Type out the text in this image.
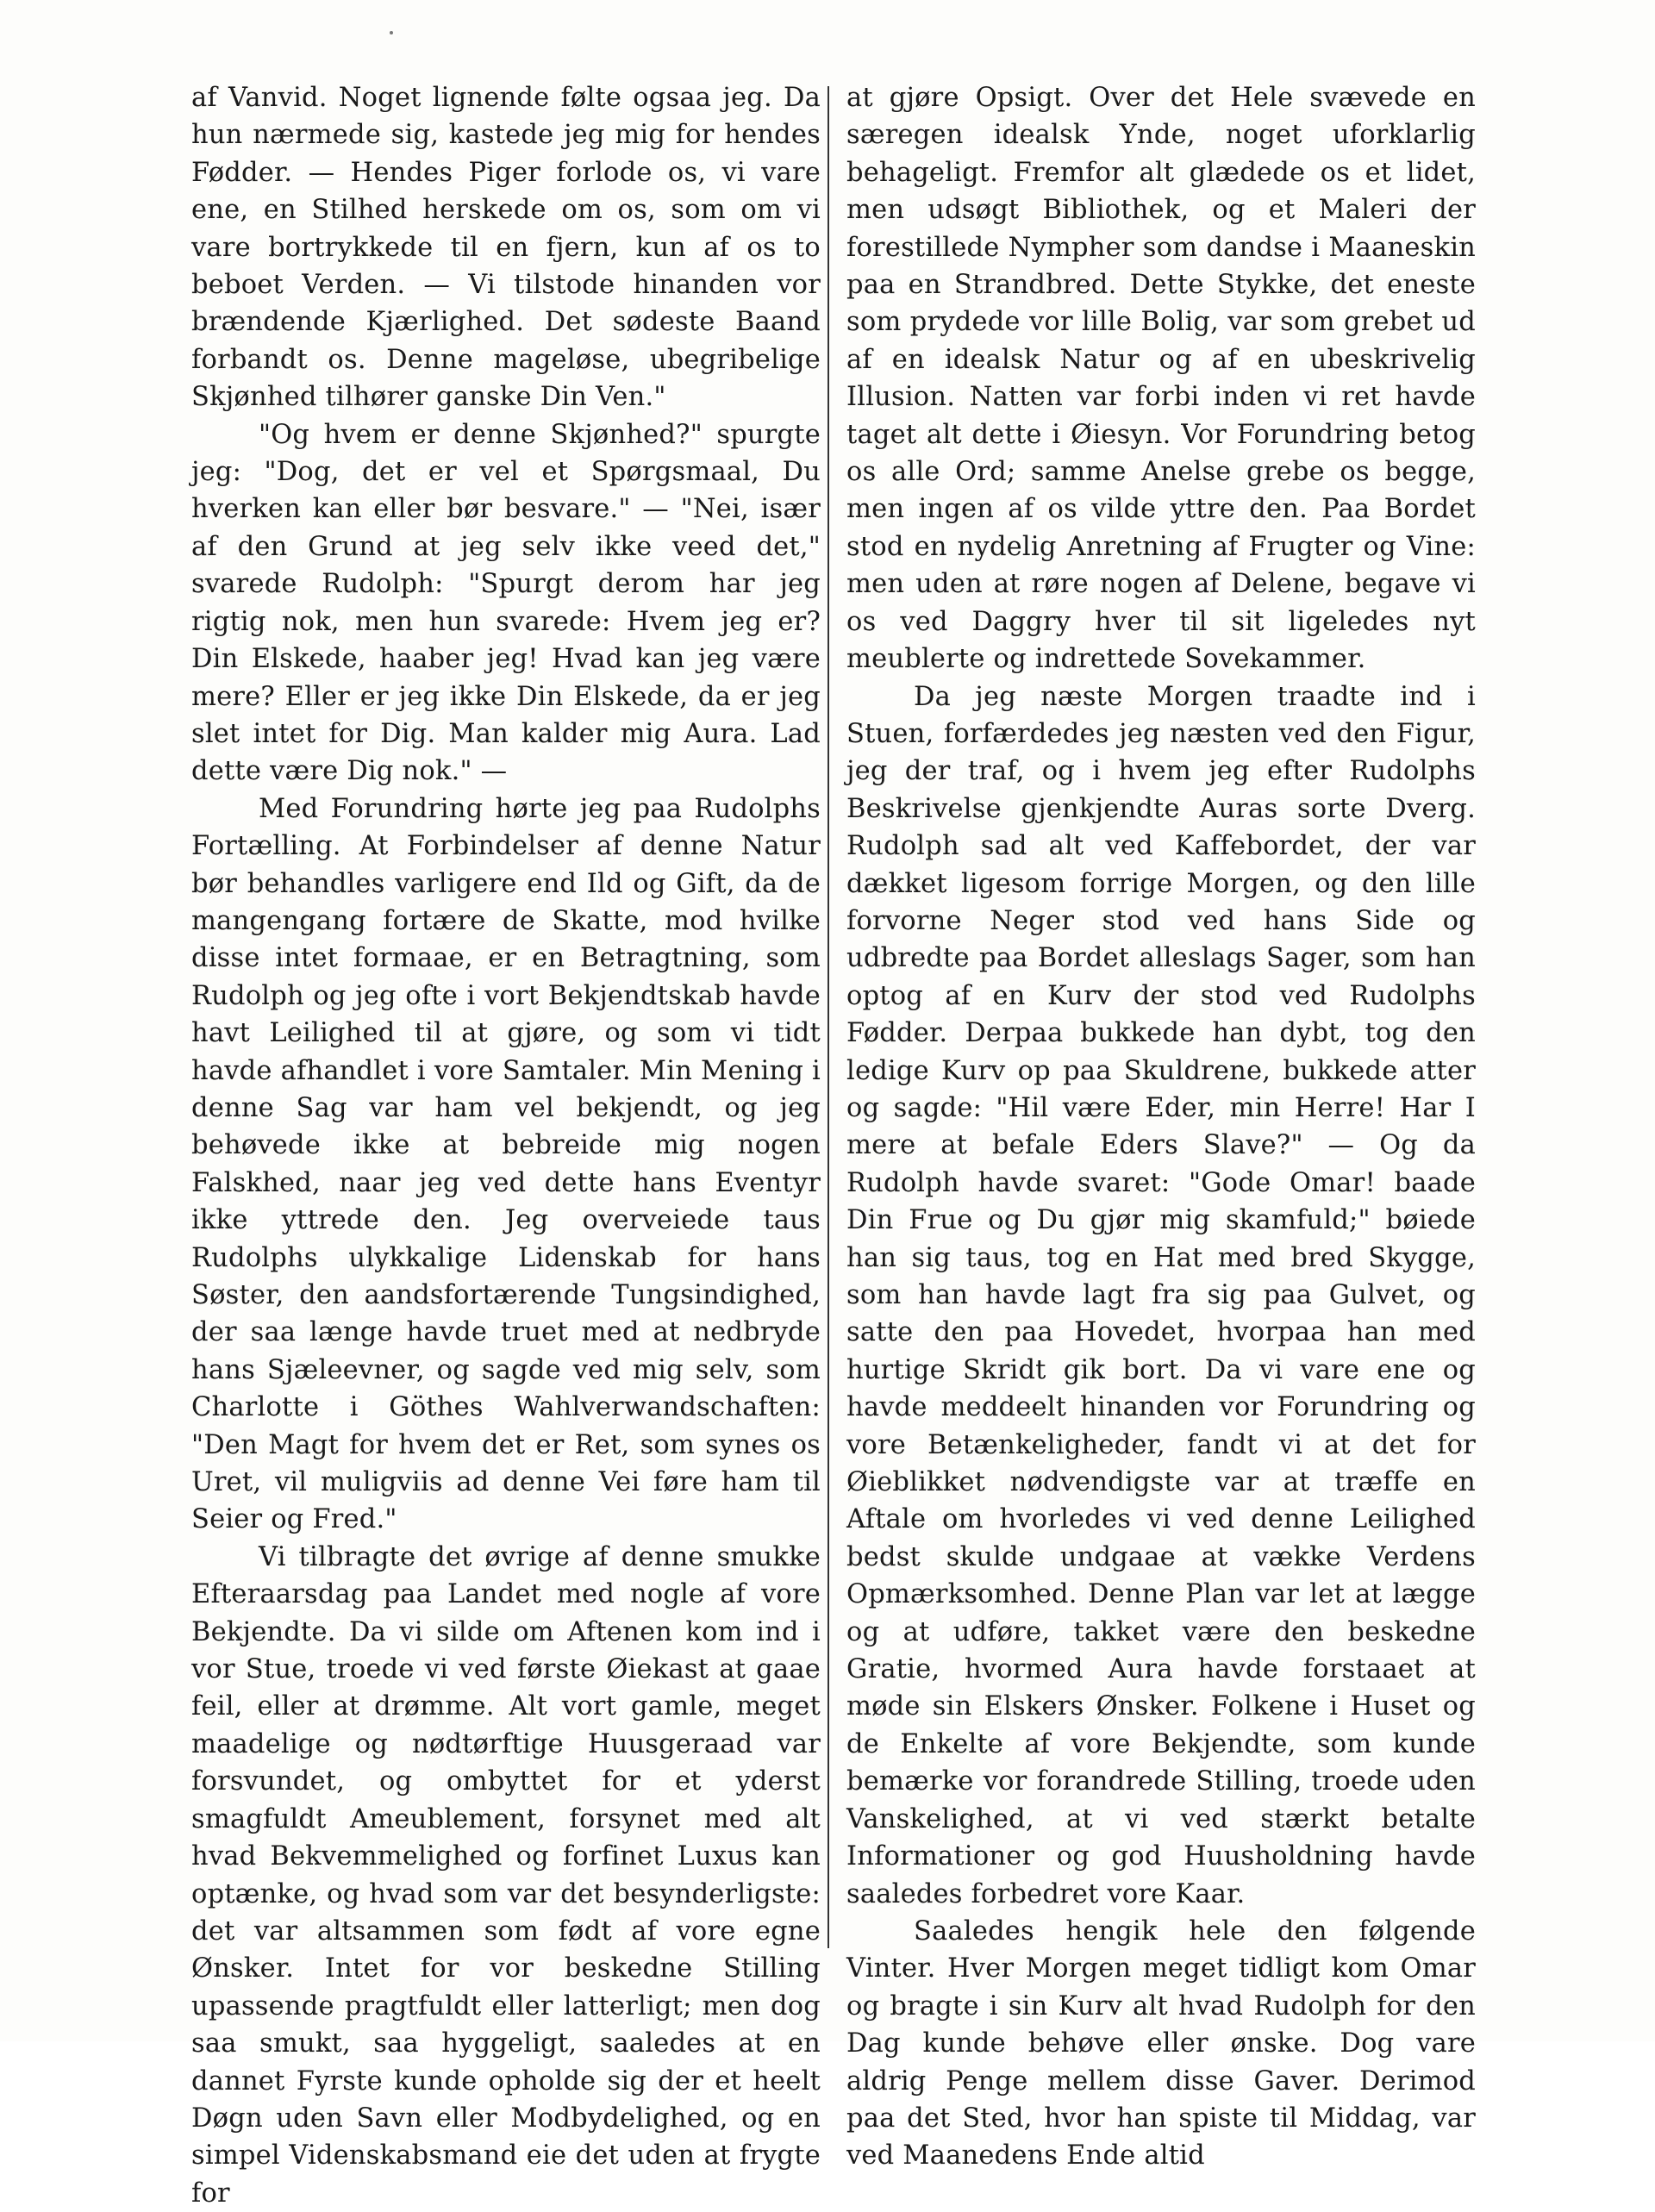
af Vanvid. Noget lignende følte ogsaa jeg. Da hun nærmede sig, kastede jeg mig for hendes Fødder. — Hendes Piger forlode os, vi vare ene, en Stilhed herskede om os, som om vi vare bortrykkede til en fjern, kun af os to beboet Verden. — Vi tilstode hinanden vor brændende Kjærlighed. Det sødeste Baand forbandt os. Denne mageløse, ubegribelige Skjønhed tilhører ganske Din Ven."

"Og hvem er denne Skjønhed?" spurgte jeg: "Dog, det er vel et Spørgsmaal, Du hverken kan eller bør besvare." — "Nei, især af den Grund at jeg selv ikke veed det," svarede Rudolph: "Spurgt derom har jeg rigtig nok, men hun svarede: Hvem jeg er? Din Elskede, haaber jeg! Hvad kan jeg være mere? Eller er jeg ikke Din Elskede, da er jeg slet intet for Dig. Man kalder mig Aura. Lad dette være Dig nok." —

Med Forundring hørte jeg paa Rudolphs Fortælling. At Forbindelser af denne Natur bør behandles varligere end Ild og Gift, da de mangengang fortære de Skatte, mod hvilke disse intet formaae, er en Betragtning, som Rudolph og jeg ofte i vort Bekjendtskab havde havt Leilighed til at gjøre, og som vi tidt havde afhandlet i vore Samtaler. Min Mening i denne Sag var ham vel bekjendt, og jeg behøvede ikke at bebreide mig nogen Falskhed, naar jeg ved dette hans Eventyr ikke yttrede den. Jeg overveiede taus Rudolphs ulykkalige Lidenskab for hans Søster, den aandsfortærende Tungsindighed, der saa længe havde truet med at nedbryde hans Sjæleevner, og sagde ved mig selv, som Charlotte i Göthes Wahlverwandschaften: "Den Magt for hvem det er Ret, som synes os Uret, vil muligviis ad denne Vei føre ham til Seier og Fred."

Vi tilbragte det øvrige af denne smukke Efteraarsdag paa Landet med nogle af vore Bekjendte. Da vi silde om Aftenen kom ind i vor Stue, troede vi ved første Øiekast at gaae feil, eller at drømme. Alt vort gamle, meget maadelige og nødtørftige Huusgeraad var forsvundet, og ombyttet for et yderst smagfuldt Ameublement, forsynet med alt hvad Bekvemmelighed og forfinet Luxus kan optænke, og hvad som var det besynderligste: det var altsammen som født af vore egne Ønsker. Intet for vor beskedne Stilling upassende pragtfuldt eller latterligt; men dog saa smukt, saa hyggeligt, saaledes at en dannet Fyrste kunde opholde sig der et heelt Døgn uden Savn eller Modbydelighed, og en simpel Videnskabsmand eie det uden at frygte for

at gjøre Opsigt. Over det Hele svævede en særegen idealsk Ynde, noget uforklarlig behageligt. Fremfor alt glædede os et lidet, men udsøgt Bibliothek, og et Maleri der forestillede Nympher som dandse i Maaneskin paa en Strandbred. Dette Stykke, det eneste som prydede vor lille Bolig, var som grebet ud af en idealsk Natur og af en ubeskrivelig Illusion. Natten var forbi inden vi ret havde taget alt dette i Øiesyn. Vor Forundring betog os alle Ord; samme Anelse grebe os begge, men ingen af os vilde yttre den. Paa Bordet stod en nydelig Anretning af Frugter og Vine: men uden at røre nogen af Delene, begave vi os ved Daggry hver til sit ligeledes nyt meublerte og indrettede Sovekammer.

Da jeg næste Morgen traadte ind i Stuen, forfærdedes jeg næsten ved den Figur, jeg der traf, og i hvem jeg efter Rudolphs Beskrivelse gjenkjendte Auras sorte Dverg. Rudolph sad alt ved Kaffebordet, der var dækket ligesom forrige Morgen, og den lille forvorne Neger stod ved hans Side og udbredte paa Bordet alleslags Sager, som han optog af en Kurv der stod ved Rudolphs Fødder. Derpaa bukkede han dybt, tog den ledige Kurv op paa Skuldrene, bukkede atter og sagde: "Hil være Eder, min Herre! Har I mere at befale Eders Slave?" — Og da Rudolph havde svaret: "Gode Omar! baade Din Frue og Du gjør mig skamfuld;" bøiede han sig taus, tog en Hat med bred Skygge, som han havde lagt fra sig paa Gulvet, og satte den paa Hovedet, hvorpaa han med hurtige Skridt gik bort. Da vi vare ene og havde meddeelt hinanden vor Forundring og vore Betænkeligheder, fandt vi at det for Øieblikket nødvendigste var at træffe en Aftale om hvorledes vi ved denne Leilighed bedst skulde undgaae at vække Verdens Opmærksomhed. Denne Plan var let at lægge og at udføre, takket være den beskedne Gratie, hvormed Aura havde forstaaet at møde sin Elskers Ønsker. Folkene i Huset og de Enkelte af vore Bekjendte, som kunde bemærke vor forandrede Stilling, troede uden Vanskelighed, at vi ved stærkt betalte Informationer og god Huusholdning havde saaledes forbedret vore Kaar.

Saaledes hengik hele den følgende Vinter. Hver Morgen meget tidligt kom Omar og bragte i sin Kurv alt hvad Rudolph for den Dag kunde behøve eller ønske. Dog vare aldrig Penge mellem disse Gaver. Derimod paa det Sted, hvor han spiste til Middag, var ved Maanedens Ende altid
